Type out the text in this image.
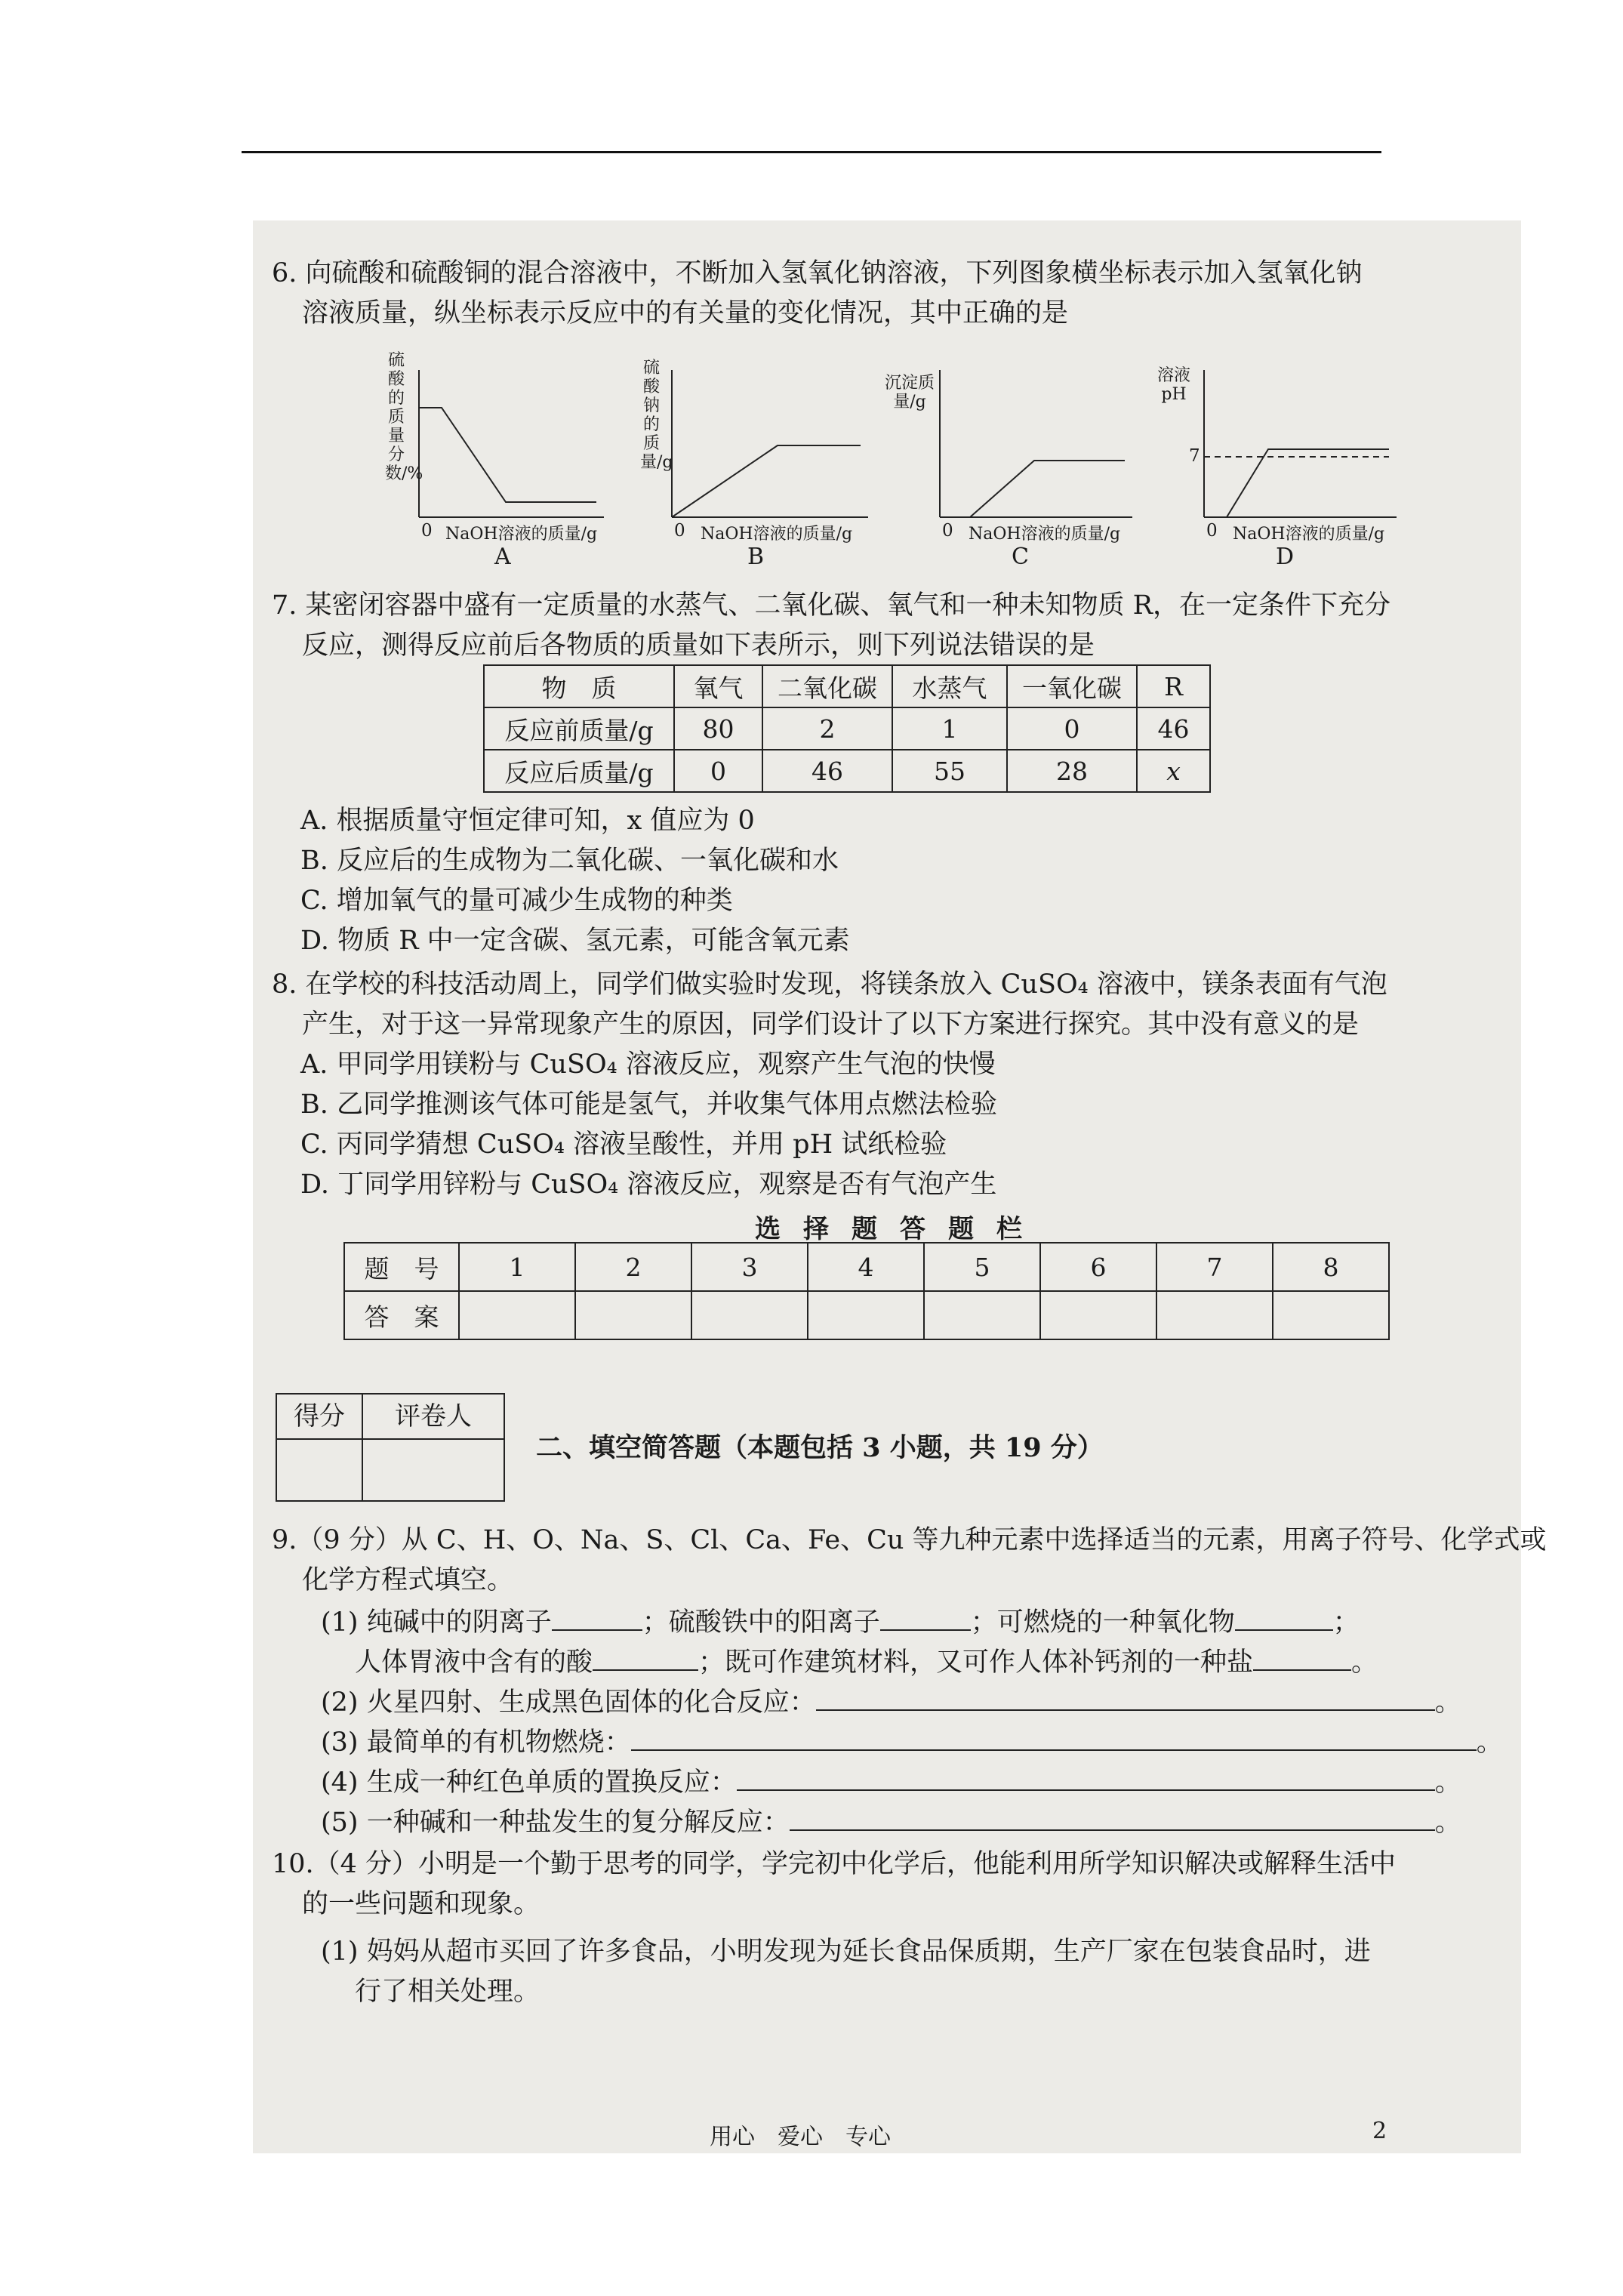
6. 向硫酸和硫酸铜的混合溶液中，不断加入氢氧化钠溶液，下列图象横坐标表示加入氢氧化钠
溶液质量，纵坐标表示反应中的有关量的变化情况，其中正确的是
硫酸的质量分数/%
0 NaOH溶液的质量/g
A
硫酸钠的质量/g
0 NaOH溶液的质量/g
B
沉淀质量/g
0 NaOH溶液的质量/g
C
溶液pH
7
0 NaOH溶液的质量/g
D
7. 某密闭容器中盛有一定质量的水蒸气、二氧化碳、氧气和一种未知物质 R，在一定条件下充分
反应，测得反应前后各物质的质量如下表所示，则下列说法错误的是
物　质	氧气	二氧化碳	水蒸气	一氧化碳	R
反应前质量/g	80	2	1	0	46
反应后质量/g	0	46	55	28	x
A. 根据质量守恒定律可知，x 值应为 0
B. 反应后的生成物为二氧化碳、一氧化碳和水
C. 增加氧气的量可减少生成物的种类
D. 物质 R 中一定含碳、氢元素，可能含氧元素
8. 在学校的科技活动周上，同学们做实验时发现，将镁条放入 CuSO₄ 溶液中，镁条表面有气泡
产生，对于这一异常现象产生的原因，同学们设计了以下方案进行探究。其中没有意义的是
A. 甲同学用镁粉与 CuSO₄ 溶液反应，观察产生气泡的快慢
B. 乙同学推测该气体可能是氢气，并收集气体用点燃法检验
C. 丙同学猜想 CuSO₄ 溶液呈酸性，并用 pH 试纸检验
D. 丁同学用锌粉与 CuSO₄ 溶液反应，观察是否有气泡产生
选择题答题栏
题　号	1	2	3	4	5	6	7	8
答　案								
得分	评卷人
二、填空简答题（本题包括 3 小题，共 19 分）
9.（9 分）从 C、H、O、Na、S、Cl、Ca、Fe、Cu 等九种元素中选择适当的元素，用离子符号、化学式或
化学方程式填空。
(1) 纯碱中的阴离子	；硫酸铁中的阳离子	；可燃烧的一种氧化物	；
人体胃液中含有的酸	；既可作建筑材料，又可作人体补钙剂的一种盐	。
(2) 火星四射、生成黑色固体的化合反应：	。
(3) 最简单的有机物燃烧：	。
(4) 生成一种红色单质的置换反应：	。
(5) 一种碱和一种盐发生的复分解反应：	。
10.（4 分）小明是一个勤于思考的同学，学完初中化学后，他能利用所学知识解决或解释生活中
的一些问题和现象。
(1) 妈妈从超市买回了许多食品，小明发现为延长食品保质期，生产厂家在包装食品时，进
行了相关处理。
用心　爱心　专心	2
